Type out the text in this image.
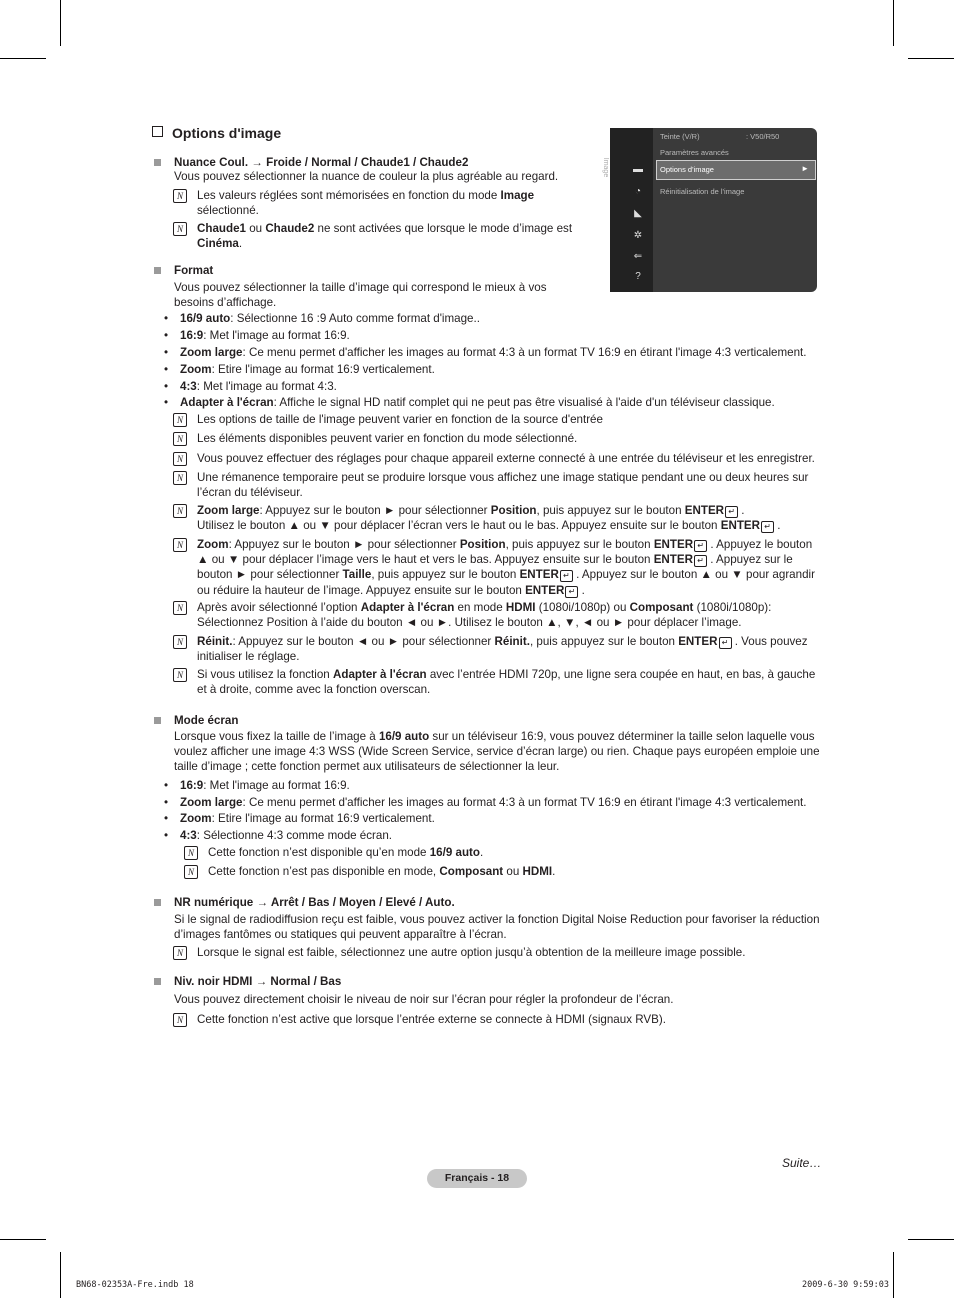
Options d'image
Image ▬
◔
◣
✲
⇐
?
Teinte (V/R)	: V50/R50
Paramètres avancés
Options d'image	►
Réinitialisation de l'image
Nuance Coul. → Froide / Normal / Chaude1 / Chaude2
Vous pouvez sélectionner la nuance de couleur la plus agréable au regard.
N	Les valeurs réglées sont mémorisées en fonction du mode Image
sélectionné.
N	Chaude1 ou Chaude2 ne sont activées que lorsque le mode d’image est
Cinéma.
Format
Vous pouvez sélectionner la taille d’image qui correspond le mieux à vos
besoins d’affichage.
• 16/9 auto: Sélectionne 16 :9 Auto comme format d'image..
• 16:9: Met l'image au format 16:9.
• Zoom large: Ce menu permet d'afficher les images au format 4:3 à un format TV 16:9 en étirant l'image 4:3 verticalement.
• Zoom: Etire l'image au format 16:9 verticalement.
• 4:3: Met l'image au format 4:3.
• Adapter à l'écran: Affiche le signal HD natif complet qui ne peut pas être visualisé à l'aide d'un téléviseur classique.
N	Les options de taille de l'image peuvent varier en fonction de la source d'entrée
N	Les éléments disponibles peuvent varier en fonction du mode sélectionné.
N	Vous pouvez effectuer des réglages pour chaque appareil externe connecté à une entrée du téléviseur et les enregistrer.
N	Une rémanence temporaire peut se produire lorsque vous affichez une image statique pendant une ou deux heures sur
l’écran du téléviseur.
N	Zoom large: Appuyez sur le bouton ► pour sélectionner Position, puis appuyez sur le bouton ENTER ↵ .
Utilisez le bouton ▲ ou ▼ pour déplacer l’écran vers le haut ou le bas. Appuyez ensuite sur le bouton ENTER ↵ .
N	Zoom: Appuyez sur le bouton ► pour sélectionner Position, puis appuyez sur le bouton ENTER ↵ . Appuyez le bouton
▲ ou ▼ pour déplacer l’image vers le haut et vers le bas. Appuyez ensuite sur le bouton ENTER ↵ . Appuyez sur le
bouton ► pour sélectionner Taille, puis appuyez sur le bouton ENTER ↵ . Appuyez sur le bouton ▲ ou ▼ pour agrandir
ou réduire la hauteur de l’image. Appuyez ensuite sur le bouton ENTER ↵ .
N	Après avoir sélectionné l’option Adapter à l'écran en mode HDMI (1080i/1080p) ou Composant (1080i/1080p):
Sélectionnez Position à l’aide du bouton ◄ ou ►. Utilisez le bouton ▲, ▼, ◄ ou ► pour déplacer l’image.
N	Réinit.: Appuyez sur le bouton ◄ ou ► pour sélectionner Réinit., puis appuyez sur le bouton ENTER ↵ . Vous pouvez
initialiser le réglage.
N	Si vous utilisez la fonction Adapter à l'écran avec l’entrée HDMI 720p, une ligne sera coupée en haut, en bas, à gauche
et à droite, comme avec la fonction overscan.
Mode écran
Lorsque vous fixez la taille de l’image à 16/9 auto sur un téléviseur 16:9, vous pouvez déterminer la taille selon laquelle vous
voulez afficher une image 4:3 WSS (Wide Screen Service, service d’écran large) ou rien. Chaque pays européen emploie une
taille d’image ; cette fonction permet aux utilisateurs de sélectionner la leur.
• 16:9: Met l'image au format 16:9.
• Zoom large: Ce menu permet d'afficher les images au format 4:3 à un format TV 16:9 en étirant l'image 4:3 verticalement.
• Zoom: Etire l'image au format 16:9 verticalement.
• 4:3: Sélectionne 4:3 comme mode écran.
N	Cette fonction n’est disponible qu’en mode 16/9 auto.
N	Cette fonction n’est pas disponible en mode, Composant ou HDMI.
NR numérique → Arrêt / Bas / Moyen / Elevé / Auto.
Si le signal de radiodiffusion reçu est faible, vous pouvez activer la fonction Digital Noise Reduction pour favoriser la réduction
d’images fantômes ou statiques qui peuvent apparaître à l’écran.
N	Lorsque le signal est faible, sélectionnez une autre option jusqu’à obtention de la meilleure image possible.
Niv. noir HDMI → Normal / Bas
Vous pouvez directement choisir le niveau de noir sur l’écran pour régler la profondeur de l’écran.
N	Cette fonction n’est active que lorsque l’entrée externe se connecte à HDMI (signaux RVB).
Suite…
Français - 18
BN68-02353A-Fre.indb 18	2009-6-30 9:59:03
